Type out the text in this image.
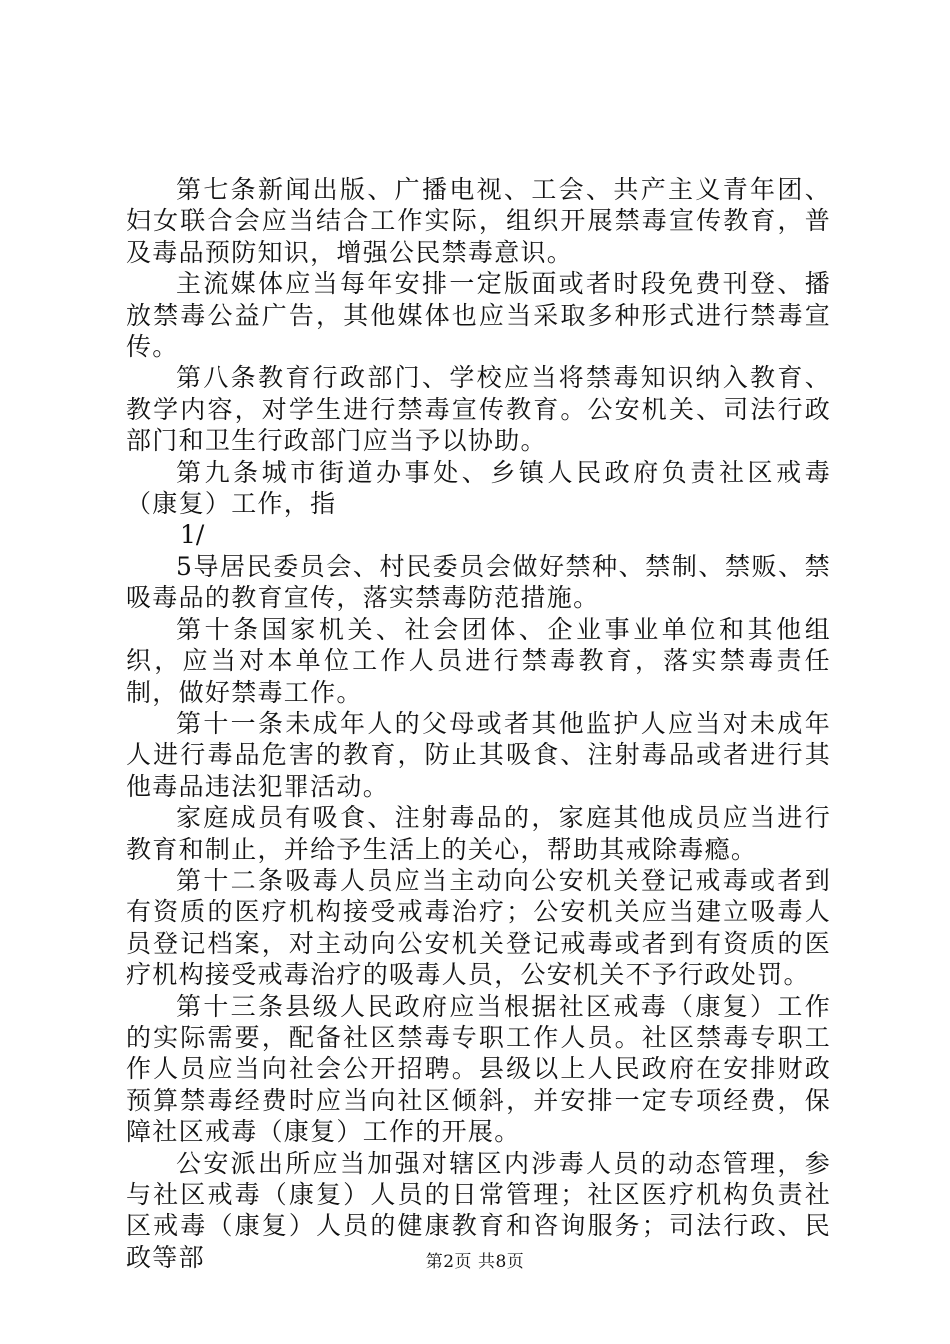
第七条新闻出版、广播电视、工会、共产主义青年团、妇女联合会应当结合工作实际，组织开展禁毒宣传教育，普及毒品预防知识，增强公民禁毒意识。

主流媒体应当每年安排一定版面或者时段免费刊登、播放禁毒公益广告，其他媒体也应当采取多种形式进行禁毒宣传。

第八条教育行政部门、学校应当将禁毒知识纳入教育、教学内容，对学生进行禁毒宣传教育。公安机关、司法行政部门和卫生行政部门应当予以协助。

第九条城市街道办事处、乡镇人民政府负责社区戒毒（康复）工作，指

1/

5导居民委员会、村民委员会做好禁种、禁制、禁贩、禁吸毒品的教育宣传，落实禁毒防范措施。

第十条国家机关、社会团体、企业事业单位和其他组织，应当对本单位工作人员进行禁毒教育，落实禁毒责任制，做好禁毒工作。

第十一条未成年人的父母或者其他监护人应当对未成年人进行毒品危害的教育，防止其吸食、注射毒品或者进行其他毒品违法犯罪活动。

家庭成员有吸食、注射毒品的，家庭其他成员应当进行教育和制止，并给予生活上的关心，帮助其戒除毒瘾。

第十二条吸毒人员应当主动向公安机关登记戒毒或者到有资质的医疗机构接受戒毒治疗；公安机关应当建立吸毒人员登记档案，对主动向公安机关登记戒毒或者到有资质的医疗机构接受戒毒治疗的吸毒人员，公安机关不予行政处罚。

第十三条县级人民政府应当根据社区戒毒（康复）工作的实际需要，配备社区禁毒专职工作人员。社区禁毒专职工作人员应当向社会公开招聘。县级以上人民政府在安排财政预算禁毒经费时应当向社区倾斜，并安排一定专项经费，保障社区戒毒（康复）工作的开展。

公安派出所应当加强对辖区内涉毒人员的动态管理，参与社区戒毒（康复）人员的日常管理；社区医疗机构负责社区戒毒（康复）人员的健康教育和咨询服务；司法行政、民政等部	第2页 共8页
